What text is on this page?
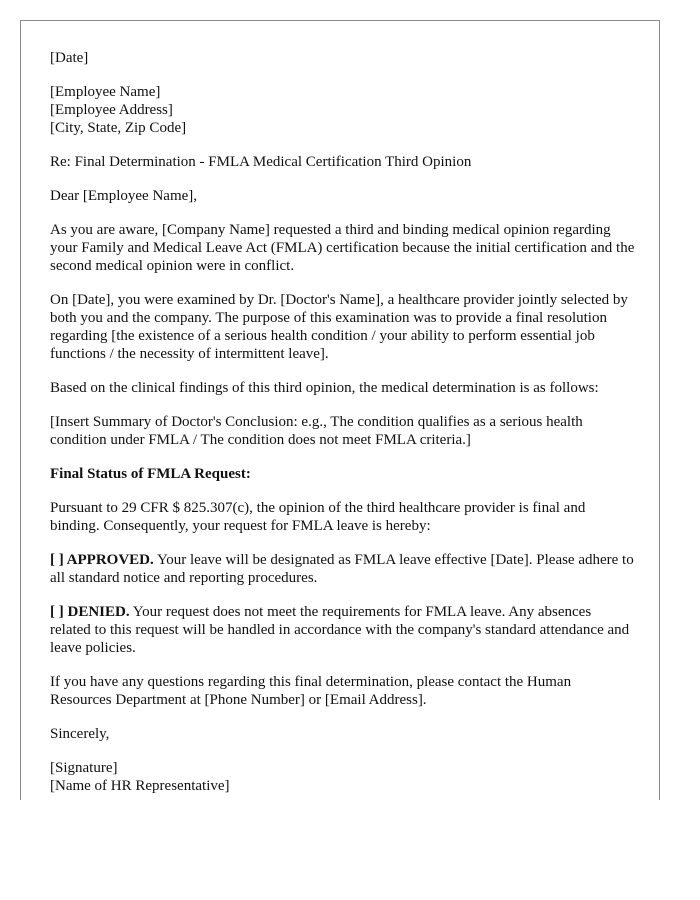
[Date]

[Employee Name]
[Employee Address]
[City, State, Zip Code]

Re: Final Determination - FMLA Medical Certification Third Opinion

Dear [Employee Name],

As you are aware, [Company Name] requested a third and binding medical opinion regarding your Family and Medical Leave Act (FMLA) certification because the initial certification and the second medical opinion were in conflict.

On [Date], you were examined by Dr. [Doctor's Name], a healthcare provider jointly selected by both you and the company. The purpose of this examination was to provide a final resolution regarding [the existence of a serious health condition / your ability to perform essential job functions / the necessity of intermittent leave].

Based on the clinical findings of this third opinion, the medical determination is as follows:

[Insert Summary of Doctor's Conclusion: e.g., The condition qualifies as a serious health condition under FMLA / The condition does not meet FMLA criteria.]

Final Status of FMLA Request:

Pursuant to 29 CFR $ 825.307(c), the opinion of the third healthcare provider is final and binding. Consequently, your request for FMLA leave is hereby:

[ ] APPROVED. Your leave will be designated as FMLA leave effective [Date]. Please adhere to all standard notice and reporting procedures.

[ ] DENIED. Your request does not meet the requirements for FMLA leave. Any absences related to this request will be handled in accordance with the company's standard attendance and leave policies.

If you have any questions regarding this final determination, please contact the Human Resources Department at [Phone Number] or [Email Address].

Sincerely,

[Signature]
[Name of HR Representative]
